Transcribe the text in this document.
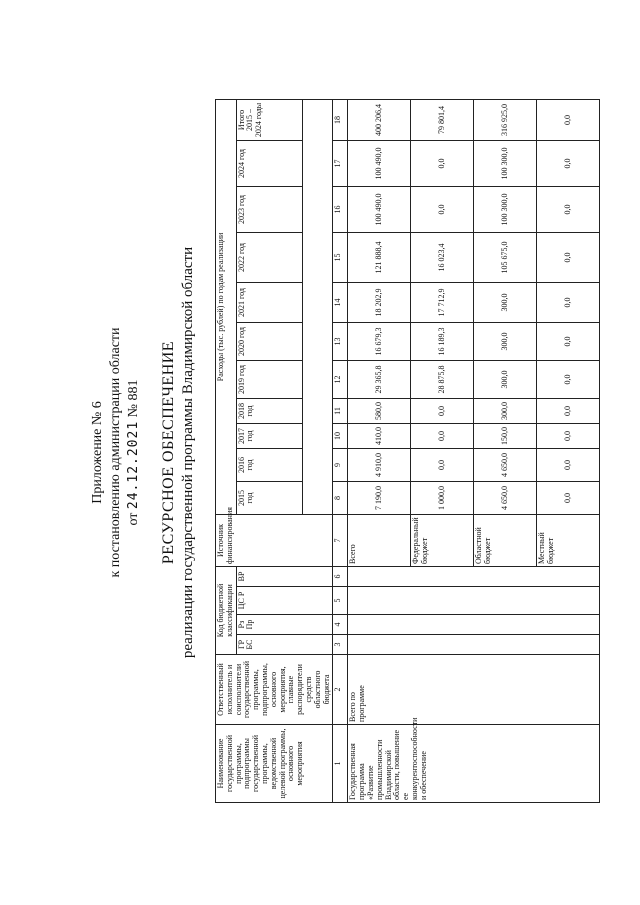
Приложение № 6 к постановлению администрации области от 24.12.2021 № 881 РЕСУРСНОЕ ОБЕСПЕЧЕНИЕ реализации государственной программы Владимирской области
Наименование государственной программы, подпрограммы государственной программы, ведомственной целевой программы, основного мероприятия	Ответственный исполнитель и соисполнители государственной программы, подпрограммы, основного мероприятия, главные распорядители средств областного бюджета	Код бюджетной классификации				Источник финансирования	Расходы (тыс. рублей) по годам реализации										
		ГР БС	Рз Пр	ЦС Р	ВР		2015 год	2016 год	2017 год	2018 год	2019 год	2020 год	2021 год	2022 год	2023 год	2024 год	Итого 2015 – 2024 годы

1	2	3	4	5	6	7	8	9	10	11	12	13	14	15	16	17	18
Государственная программа «Развитие промышленности Владимирской области, повышение ее конкурентоспособности и обеспечение	Всего по программе					Всего	7 190,0	4 910,0	410,0	580,0	29 365,8	16 679,3	18 202,9	121 888,4	100 490,0	100 490,0	400 206,4
						Федеральный бюджет	1 000,0	0,0	0,0	0,0	28 875,8	16 189,3	17 712,9	16 023,4	0,0	0,0	79 801,4
						Областной бюджет	4 650,0	4 650,0	150,0	300,0	300,0	300,0	300,0	105 675,0	100 300,0	100 300,0	316 925,0
						Местный бюджет	0,0	0,0	0,0	0,0	0,0	0,0	0,0	0,0	0,0	0,0	0,0
